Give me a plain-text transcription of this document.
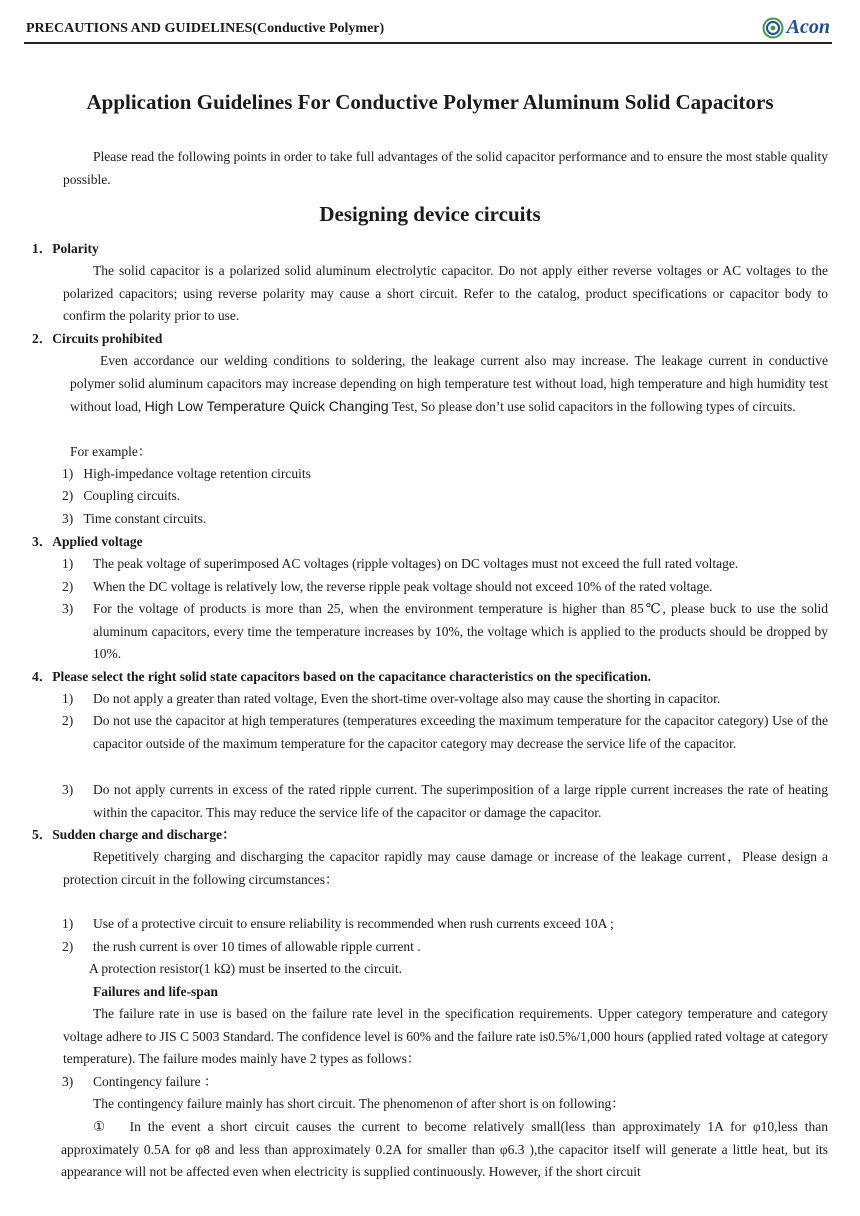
PRECAUTIONS AND GUIDELINES(Conductive Polymer)	Acon
Application Guidelines For Conductive Polymer Aluminum Solid Capacitors

Please read the following points in order to take full advantages of the solid capacitor performance and to ensure the most stable quality possible.

Designing device circuits
1．Polarity

The solid capacitor is a polarized solid aluminum electrolytic capacitor. Do not apply either reverse voltages or AC voltages to the polarized capacitors; using reverse polarity may cause a short circuit. Refer to the catalog, product specifications or capacitor body to confirm the polarity prior to use.

2．Circuits prohibited

Even accordance our welding conditions to soldering, the leakage current also may increase. The leakage current in conductive polymer solid aluminum capacitors may increase depending on high temperature test without load, high temperature and high humidity test without load, High Low Temperature Quick Changing Test, So please don’t use solid capacitors in the following types of circuits.

For example：
1) High-impedance voltage retention circuits
2) Coupling circuits.
3) Time constant circuits.
3．Applied voltage
1) The peak voltage of superimposed AC voltages (ripple voltages) on DC voltages must not exceed the full rated voltage.

2) When the DC voltage is relatively low, the reverse ripple peak voltage should not exceed 10% of the rated voltage.

3) For the voltage of products is more than 25, when the environment temperature is higher than 85℃, please buck to use the solid aluminum capacitors, every time the temperature increases by 10%, the voltage which is applied to the products should be dropped by 10%.

4．Please select the right solid state capacitors based on the capacitance characteristics on the specification.
1) Do not apply a greater than rated voltage, Even the short-time over-voltage also may cause the shorting in capacitor.

2) Do not use the capacitor at high temperatures (temperatures exceeding the maximum temperature for the capacitor category) Use of the capacitor outside of the maximum temperature for the capacitor category may decrease the service life of the capacitor.

3) Do not apply currents in excess of the rated ripple current. The superimposition of a large ripple current increases the rate of heating within the capacitor. This may reduce the service life of the capacitor or damage the capacitor.

5．Sudden charge and discharge：

Repetitively charging and discharging the capacitor rapidly may cause damage or increase of the leakage current，Please design a protection circuit in the following circumstances：

1) Use of a protective circuit to ensure reliability is recommended when rush currents exceed 10A ;
2) the rush current is over 10 times of allowable ripple current .
A protection resistor(1 kΩ) must be inserted to the circuit.
Failures and life-span

The failure rate in use is based on the failure rate level in the specification requirements. Upper category temperature and category voltage adhere to JIS C 5003 Standard. The confidence level is 60% and the failure rate is0.5%/1,000 hours (applied rated voltage at category temperature). The failure modes mainly have 2 types as follows：

3) Contingency failure ：
The contingency failure mainly has short circuit. The phenomenon of after short is on following：

① In the event a short circuit causes the current to become relatively small(less than approximately 1A for φ10,less than approximately 0.5A for φ8 and less than approximately 0.2A for smaller than φ6.3 ),the capacitor itself will generate a little heat, but its appearance will not be affected even when electricity is supplied continuously. However, if the short circuit
